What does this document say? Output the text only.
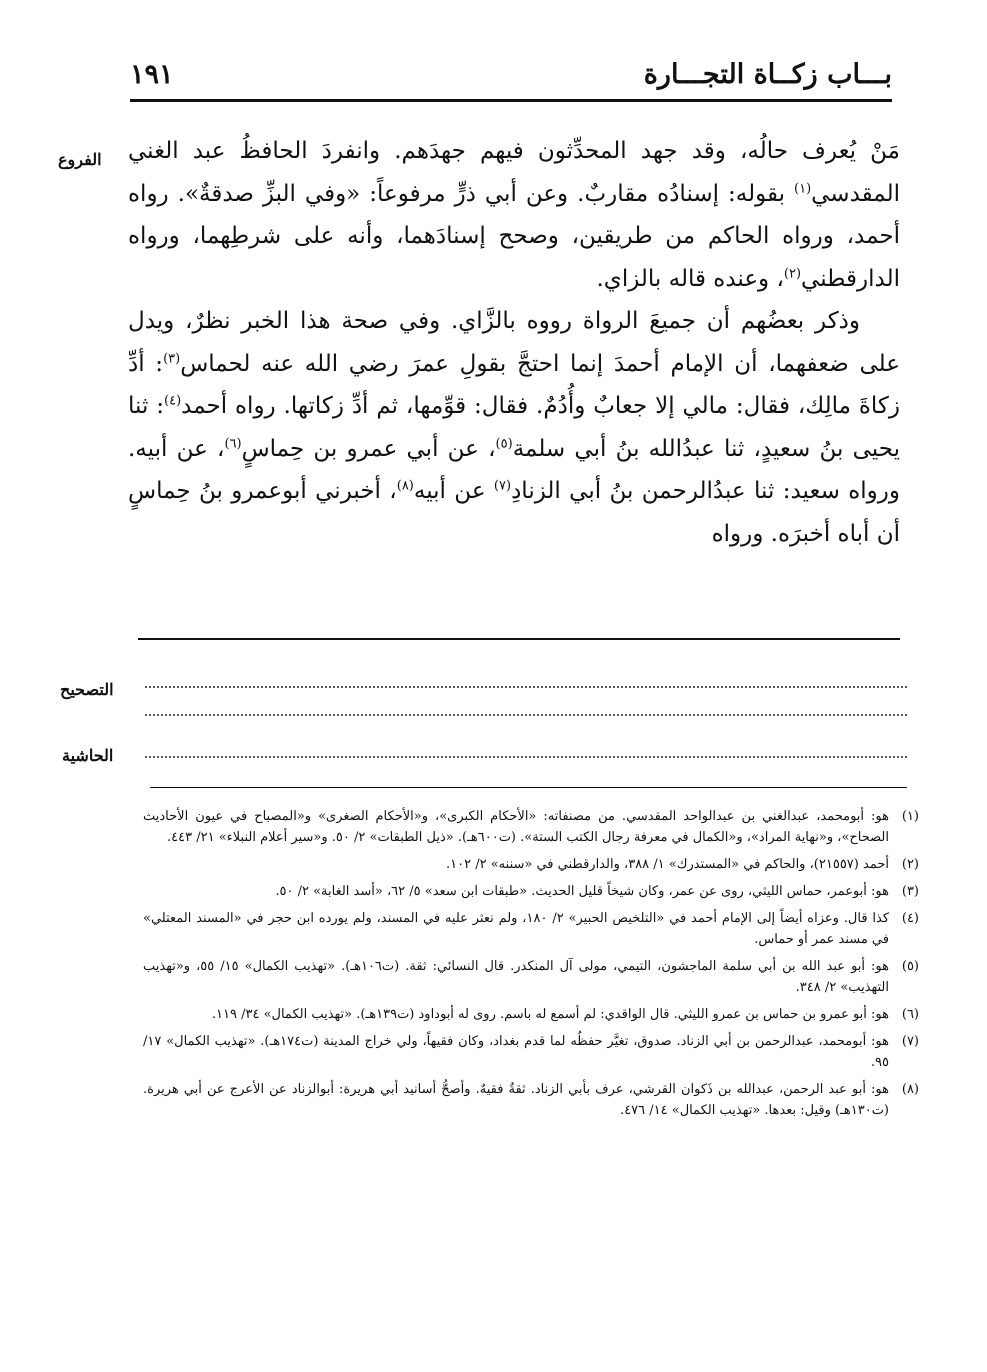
بـــاب زكــاة التجـــارة
١٩١
الفروع
التصحيح
الحاشية

مَنْ يُعرف حالُه، وقد جهد المحدِّثون فيهم جهدَهم. وانفردَ الحافظُ عبد الغني المقدسي$^{(١)}$ بقوله: إسنادُه مقاربٌ. وعن أبي ذرٍّ مرفوعاً: «وفي البزِّ صدقةٌ». رواه أحمد، ورواه الحاكم من طريقين، وصحح إسنادَهما، وأنه على شرطِهما، ورواه الدارقطني$^{(٢)}$، وعنده قاله بالزاي.

وذكر بعضُهم أن جميعَ الرواة رووه بالزَّاي. وفي صحة هذا الخبر نظرٌ، ويدل على ضعفهما، أن الإمام أحمدَ إنما احتجَّ بقولِ عمرَ رضي الله عنه لحماس$^{(٣)}$: أدِّ زكاةَ مالِك، فقال: مالي إلا جعابٌ وأُدُمٌ. فقال: قوِّمها، ثم أدِّ زكاتها. رواه أحمد$^{(٤)}$: ثنا يحيى بنُ سعيدٍ، ثنا عبدُالله بنُ أبي سلمة$^{(٥)}$، عن أبي عمرو بن حِماسٍ$^{(٦)}$، عن أبيه. ورواه سعيد: ثنا عبدُالرحمن بنُ أبي الزنادِ$^{(٧)}$ عن أبيه$^{(٨)}$، أخبرني أبوعمرو بنُ حِماسٍ أن أباه أخبرَه. ورواه

(١)
هو: أبومحمد، عبدالغني بن عبدالواحد المقدسي. من مصنفاته: «الأحكام الكبرى»، و«الأحكام الصغرى» و«المصباح في عيون الأحاديث الصحاح»، و«نهاية المراد»، و«الكمال في معرفة رجال الكتب الستة». (ت٦٠٠هـ). «ذيل الطبقات» ٢/ ٥٠. و«سير أعلام النبلاء» ٢١/ ٤٤٣.
(٢)
أحمد (٢١٥٥٧)، والحاكم في «المستدرك» ١/ ٣٨٨، والدارقطني في «سننه» ٢/ ١٠٢.
(٣)
هو: أبوعمر، حماس الليثي، روى عن عمر، وكان شيخاً قليل الحديث. «طبقات ابن سعد» ٥/ ٦٢، «أسد الغابة» ٢/ ٥٠.
(٤)
كذا قال. وعزاه أيضاً إلى الإمام أحمد في «التلخيص الحبير» ٢/ ١٨٠، ولم نعثر عليه في المسند، ولم يورده ابن حجر في «المسند المعتلي» في مسند عمر أو حماس.
(٥)
هو: أبو عبد الله بن أبي سلمة الماجشون، التيمي، مولى آل المنكدر. قال النسائي: ثقة. (ت١٠٦هـ). «تهذيب الكمال» ١٥/ ٥٥، و«تهذيب التهذيب» ٢/ ٣٤٨.
(٦)
هو: أبو عمرو بن حماس بن عمرو الليثي. قال الواقدي: لم أسمع له باسم. روى له أبوداود (ت١٣٩هـ). «تهذيب الكمال» ٣٤/ ١١٩.
(٧)
هو: أبومحمد، عبدالرحمن بن أبي الزناد. صدوق، تغيَّر حفظُه لما قدم بغداد، وكان فقيهاً، ولي خراج المدينة (ت١٧٤هـ). «تهذيب الكمال» ١٧/ ٩٥.
(٨)
هو: أبو عبد الرحمن، عبدالله بن ذَكوان القرشي، عرف بأبي الزناد. ثقةٌ فقيهٌ. وأصحُّ أسانيد أبي هريرة: أبوالزناد عن الأعرج عن أبي هريرة. (ت١٣٠هـ) وقيل: بعدها. «تهذيب الكمال» ١٤/ ٤٧٦.
